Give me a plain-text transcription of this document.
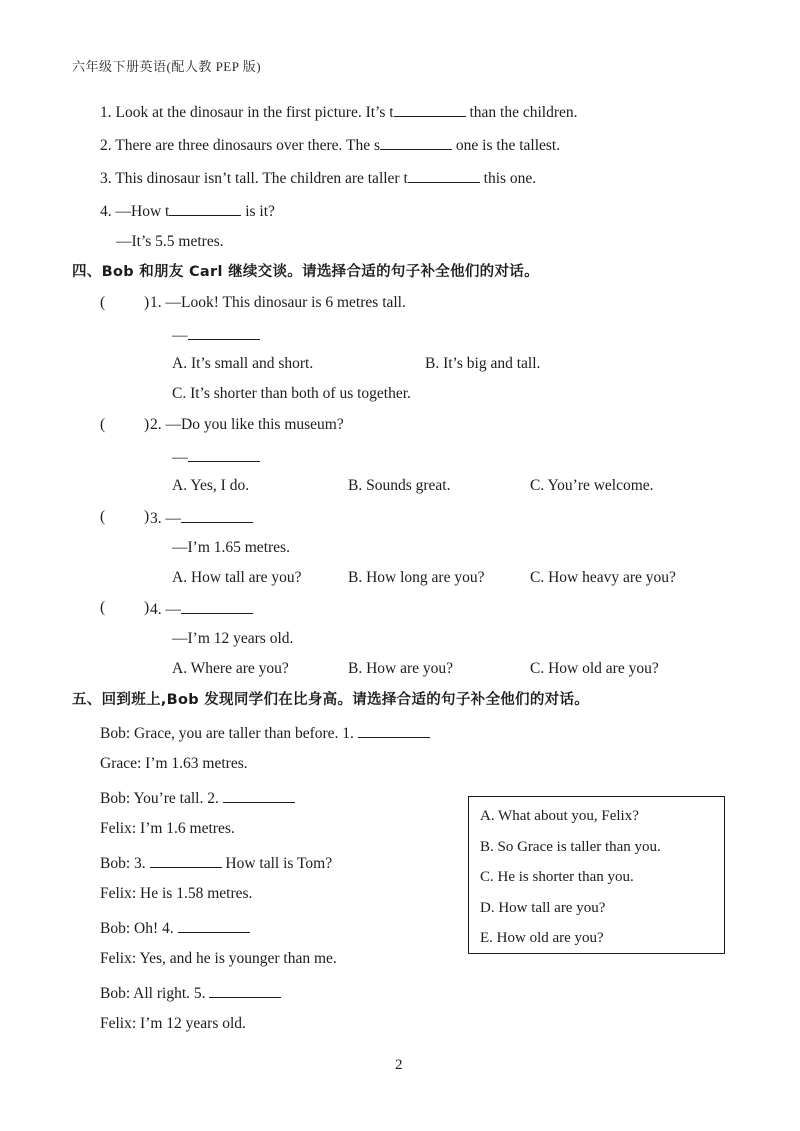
六年级下册英语(配人教 PEP 版)
1. Look at the dinosaur in the first picture. It’s t	than the children.
2. There are three dinosaurs over there. The s	one is the tallest.
3. This dinosaur isn’t tall. The children are taller t	this one.
4. —How t	is it?
—It’s 5.5 metres.
四、Bob 和朋友 Carl 继续交谈。请选择合适的句子补全他们的对话。
(	) 1. —Look! This dinosaur is 6 metres tall.
—
A. It’s small and short.	B. It’s big and tall.
C. It’s shorter than both of us together.
(	) 2. —Do you like this museum?
—
A. Yes, I do.	B. Sounds great.	C. You’re welcome.
(	) 3. —
—I’m 1.65 metres.
A. How tall are you?	B. How long are you?	C. How heavy are you?
(	) 4. —
—I’m 12 years old.
A. Where are you?	B. How are you?	C. How old are you?
五、回到班上,Bob 发现同学们在比身高。请选择合适的句子补全他们的对话。
Bob: Grace, you are taller than before. 1.
Grace: I’m 1.63 metres.
Bob: You’re tall. 2.
Felix: I’m 1.6 metres.
Bob: 3.	How tall is Tom?
Felix: He is 1.58 metres.
Bob: Oh! 4.
Felix: Yes, and he is younger than me.
Bob: All right. 5.
Felix: I’m 12 years old.
A. What about you, Felix?
B. So Grace is taller than you.
C. He is shorter than you.
D. How tall are you?
E. How old are you?
2
